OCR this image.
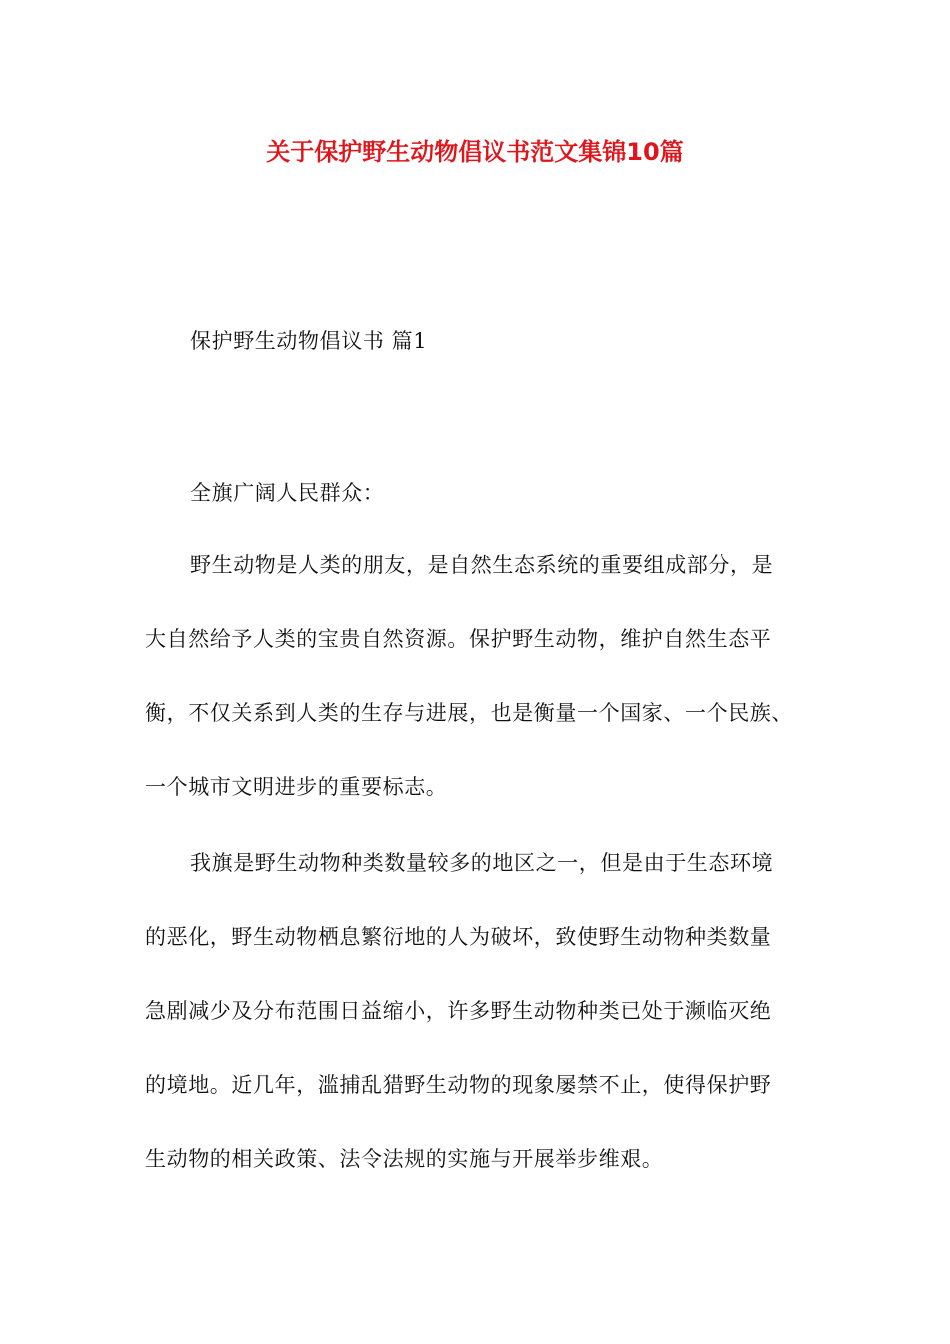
关于保护野生动物倡议书范文集锦10篇
保护野生动物倡议书 篇1
全旗广阔人民群众：
野生动物是人类的朋友，是自然生态系统的重要组成部分，是
大自然给予人类的宝贵自然资源。保护野生动物，维护自然生态平
衡，不仅关系到人类的生存与进展，也是衡量一个国家、一个民族、
一个城市文明进步的重要标志。
我旗是野生动物种类数量较多的地区之一，但是由于生态环境
的恶化，野生动物栖息繁衍地的人为破坏，致使野生动物种类数量
急剧减少及分布范围日益缩小，许多野生动物种类已处于濒临灭绝
的境地。近几年，滥捕乱猎野生动物的现象屡禁不止，使得保护野
生动物的相关政策、法令法规的实施与开展举步维艰。
